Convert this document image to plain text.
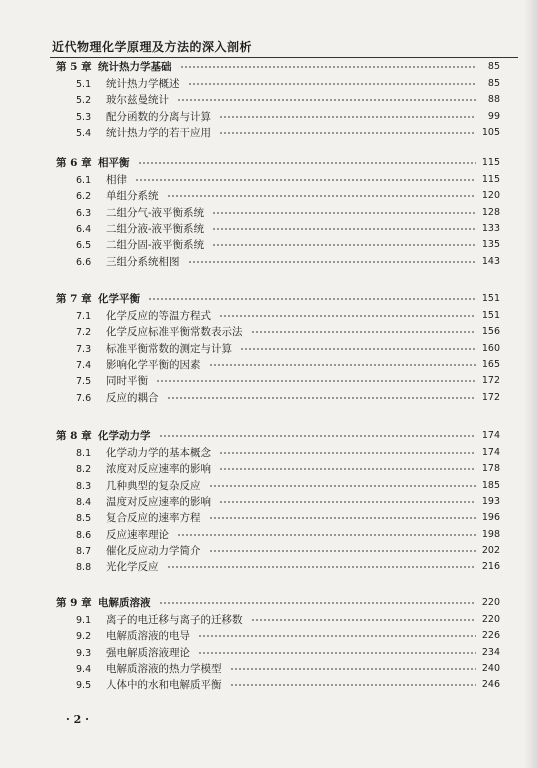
近代物理化学原理及方法的深入剖析
第 5 章 统计热力学基础	85
5.1 统计热力学概述	85
5.2 玻尔兹曼统计	88
5.3 配分函数的分离与计算	99
5.4 统计热力学的若干应用	105
第 6 章 相平衡	115
6.1 相律	115
6.2 单组分系统	120
6.3 二组分气-液平衡系统	128
6.4 二组分液-液平衡系统	133
6.5 二组分固-液平衡系统	135
6.6 三组分系统相图	143
第 7 章 化学平衡	151
7.1 化学反应的等温方程式	151
7.2 化学反应标准平衡常数表示法	156
7.3 标准平衡常数的测定与计算	160
7.4 影响化学平衡的因素	165
7.5 同时平衡	172
7.6 反应的耦合	172
第 8 章 化学动力学	174
8.1 化学动力学的基本概念	174
8.2 浓度对反应速率的影响	178
8.3 几种典型的复杂反应	185
8.4 温度对反应速率的影响	193
8.5 复合反应的速率方程	196
8.6 反应速率理论	198
8.7 催化反应动力学简介	202
8.8 光化学反应	216
第 9 章 电解质溶液	220
9.1 离子的电迁移与离子的迁移数	220
9.2 电解质溶液的电导	226
9.3 强电解质溶液理论	234
9.4 电解质溶液的热力学模型	240
9.5 人体中的水和电解质平衡	246
· 2 ·
